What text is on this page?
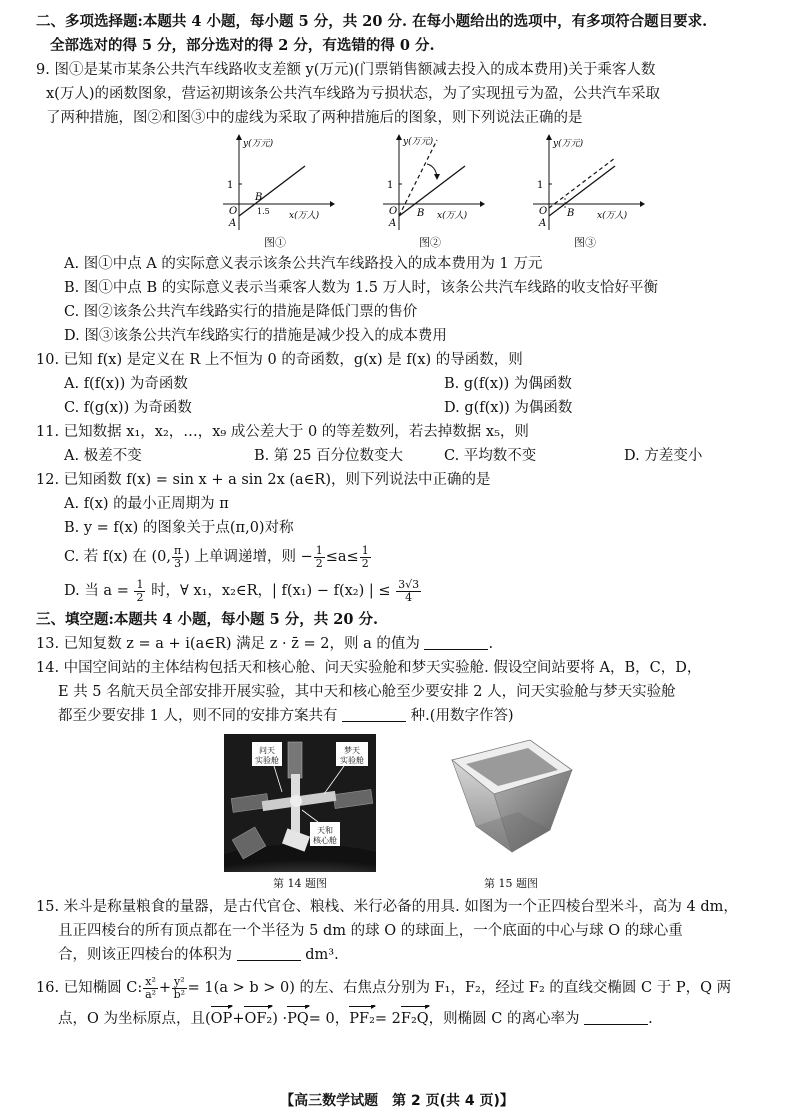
二、多项选择题:本题共 4 小题，每小题 5 分，共 20 分. 在每小题给出的选项中，有多项符合题目要求.
全部选对的得 5 分，部分选对的得 2 分，有选错的得 0 分.
9. 图①是某市某条公共汽车线路收支差额 y(万元)(门票销售额减去投入的成本费用)关于乘客人数
x(万人)的函数图象，营运初期该条公共汽车线路为亏损状态，为了实现扭亏为盈，公共汽车采取
了两种措施，图②和图③中的虚线为采取了两种措施后的图象，则下列说法正确的是
1
y(万元)
x(万人)
O
A
B
1.5
图①
1
y(万元)
x(万人)
O
A
B
图②
1
y(万元)
x(万人)
O
A
B
图③
A. 图①中点 A 的实际意义表示该条公共汽车线路投入的成本费用为 1 万元
B. 图①中点 B 的实际意义表示当乘客人数为 1.5 万人时，该条公共汽车线路的收支恰好平衡
C. 图②该条公共汽车线路实行的措施是降低门票的售价
D. 图③该条公共汽车线路实行的措施是减少投入的成本费用
10. 已知 f(x) 是定义在 R 上不恒为 0 的奇函数，g(x) 是 f(x) 的导函数，则
A. f(f(x)) 为奇函数	B. g(f(x)) 为偶函数
C. f(g(x)) 为奇函数	D. g(f(x)) 为偶函数
11. 已知数据 x₁，x₂，…，x₉ 成公差大于 0 的等差数列，若去掉数据 x₅，则
A. 极差不变	B. 第 25 百分位数变大	C. 平均数不变	D. 方差变小
12. 已知函数 f(x) = sin x + a sin 2x (a∈R)，则下列说法中正确的是
A. f(x) 的最小正周期为 π
B. y = f(x) 的图象关于点(π,0)对称
C. 若 f(x) 在 (0, $\frac{\pi}{3}$ ) 上单调递增，则 − $\frac{1}{2} \le a\le \frac{1}{2}$
D. 当 $a = \frac{1}{2}$ 时，∀ x₁，x₂∈R，| f(x₁) − f(x₂) | ≤ $\frac{3√3}{4}$
三、填空题:本题共 4 小题，每小题 5 分，共 20 分.
13. 已知复数 z = a + i(a∈R) 满足 z · z̄ = 2，则 a 的值为	.
14. 中国空间站的主体结构包括天和核心舱、问天实验舱和梦天实验舱. 假设空间站要将 A，B，C，D，
E 共 5 名航天员全部安排开展实验，其中天和核心舱至少要安排 2 人，问天实验舱与梦天实验舱
都至少要安排 1 人，则不同的安排方案共有	种.(用数字作答)
问天
实验舱
梦天
实验舱
天和
核心舱
第 14 题图	第 15 题图
15. 米斗是称量粮食的量器，是古代官仓、粮栈、米行必备的用具. 如图为一个正四棱台型米斗，高为 4 dm，
且正四棱台的所有顶点都在一个半径为 5 dm 的球 O 的球面上，一个底面的中心与球 O 的球心重
合，则该正四棱台的体积为	dm³.
16. 已知椭圆 C: $\frac{\text{x²}}{\text{a²}} + \frac{\text{y²}}{\text{b²}} = 1(a > b > 0)$ 的左、右焦点分别为 F₁，F₂，经过 F₂ 的直线交椭圆 C 于 P，Q 两
点，O 为坐标原点，且(OP+OF₂) ·PQ= 0，PF₂= 2F₂Q，则椭圆 C 的离心率为	.
【高三数学试题　第 2 页(共 4 页)】
